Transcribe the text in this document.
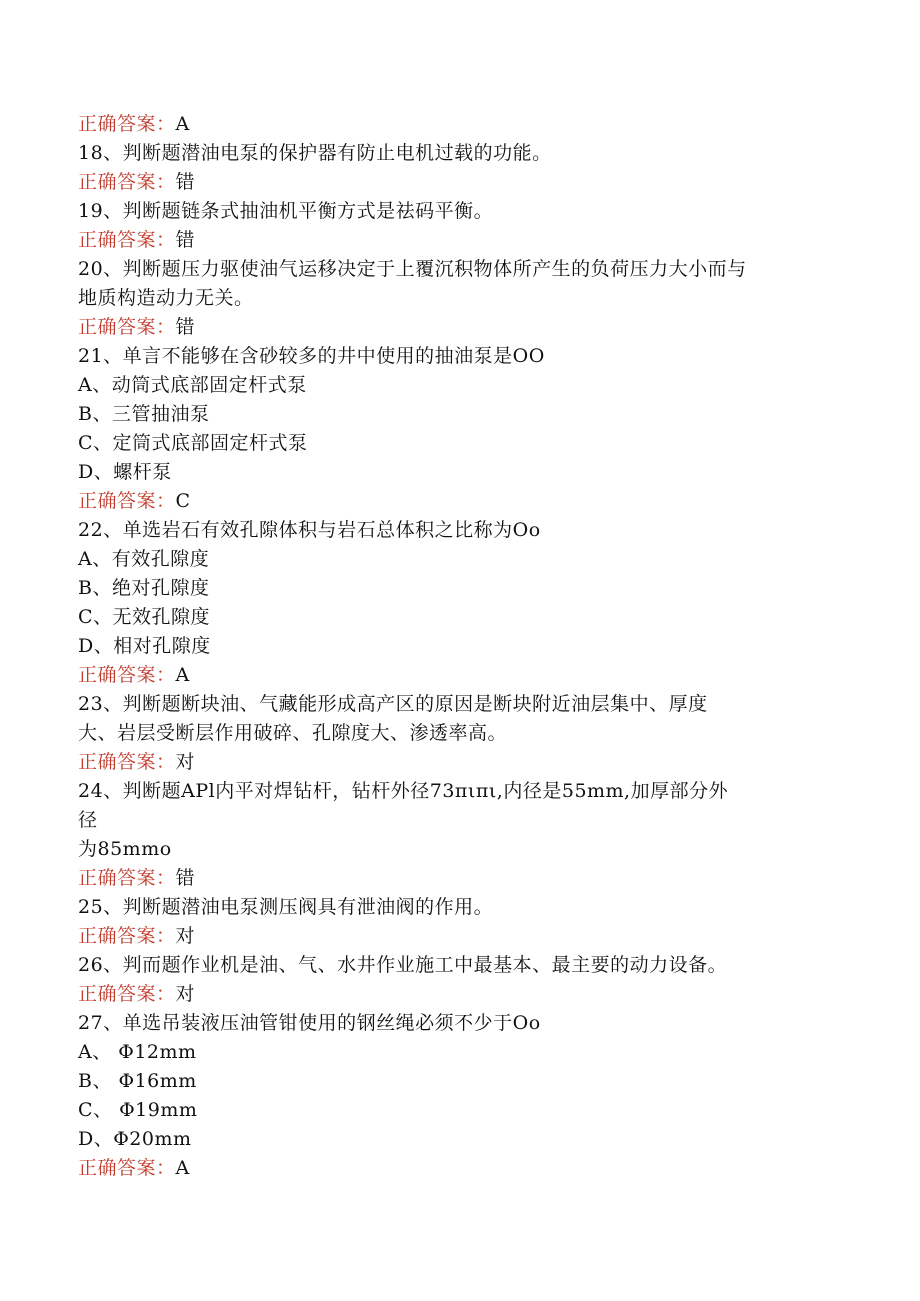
正确答案：A
18、判断题潜油电泵的保护器有防止电机过载的功能。
正确答案：错
19、判断题链条式抽油机平衡方式是祛码平衡。
正确答案：错
20、判断题压力驱使油气运移决定于上覆沉积物体所产生的负荷压力大小而与
地质构造动力无关。
正确答案：错
21、单言不能够在含砂较多的井中使用的抽油泵是OO
A、动筒式底部固定杆式泵
B、三管抽油泵
C、定筒式底部固定杆式泵
D、螺杆泵
正确答案：C
22、单选岩石有效孔隙体积与岩石总体积之比称为Oo
A、有效孔隙度
B、绝对孔隙度
C、无效孔隙度
D、相对孔隙度
正确答案：A
23、判断题断块油、气藏能形成高产区的原因是断块附近油层集中、厚度
大、岩层受断层作用破碎、孔隙度大、渗透率高。
正确答案：对
24、判断题APl内平对焊钻杆，钻杆外径73πιπι,内径是55mm,加厚部分外
径
为85mmo
正确答案：错
25、判断题潜油电泵测压阀具有泄油阀的作用。
正确答案：对
26、判而题作业机是油、气、水井作业施工中最基本、最主要的动力设备。
正确答案：对
27、单选吊装液压油管钳使用的钢丝绳必须不少于Oo
A、 Φ12mm
B、 Φ16mm
C、 Φ19mm
D、Φ20mm
正确答案：A
